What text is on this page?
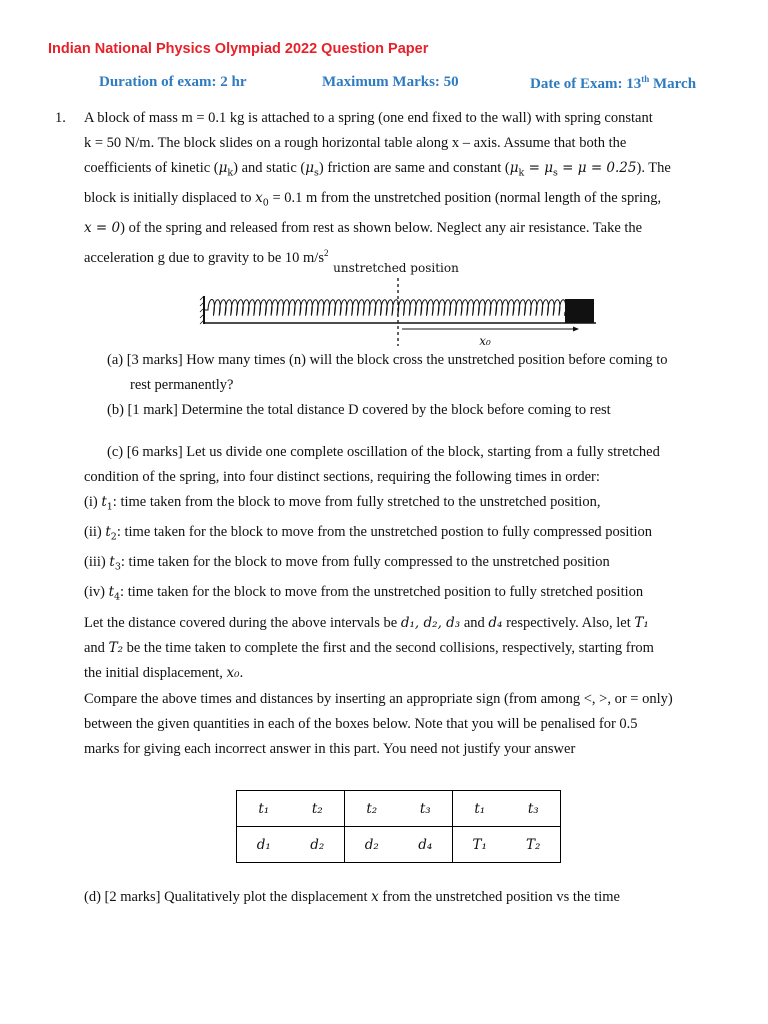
Indian National Physics Olympiad 2022 Question Paper
Duration of exam: 2 hr	Maximum Marks: 50	Date of Exam: 13th March
1. A block of mass m = 0.1 kg is attached to a spring (one end fixed to the wall) with spring constant
k = 50 N/m. The block slides on a rough horizontal table along x – axis. Assume that both the
coefficients of kinetic $(\mu_k)$ and static $(\mu_s)$ friction are same and constant $(\mu_k = \mu_s = \mu = 0.25)$. The
block is initially displaced to $x_0 = 0.1$ m from the unstretched position (normal length of the spring,
x = 0) of the spring and released from rest as shown below. Neglect any air resistance. Take the
acceleration g due to gravity to be 10 $m/s^2$
unstretched position
x₀
(a) [3 marks] How many times (n) will the block cross the unstretched position before coming to
rest permanently?
(b) [1 mark] Determine the total distance D covered by the block before coming to rest
(c) [6 marks] Let us divide one complete oscillation of the block, starting from a fully stretched
condition of the spring, into four distinct sections, requiring the following times in order:
(i) $t_1$: time taken from the block to move from fully stretched to the unstretched position,
(ii) $t_2$: time taken for the block to move from the unstretched postion to fully compressed position
(iii) $t_3$: time taken for the block to move from fully compressed to the unstretched position
(iv) $t_4$: time taken for the block to move from the unstretched position to fully stretched position
Let the distance covered during the above intervals be d₁, d₂, d₃ and d₄ respectively. Also, let T₁
and T₂ be the time taken to complete the first and the second collisions, respectively, starting from
the initial displacement, x₀.
Compare the above times and distances by inserting an appropriate sign (from among <, >, or = only)
between the given quantities in each of the boxes below. Note that you will be penalised for 0.5
marks for giving each incorrect answer in this part. You need not justify your answer
t₁ t₂	t₂ t₃	t₁ t₃

d₁ d₂	d₂ d₄	T₁ T₂
(d) [2 marks] Qualitatively plot the displacement x from the unstretched position vs the time
